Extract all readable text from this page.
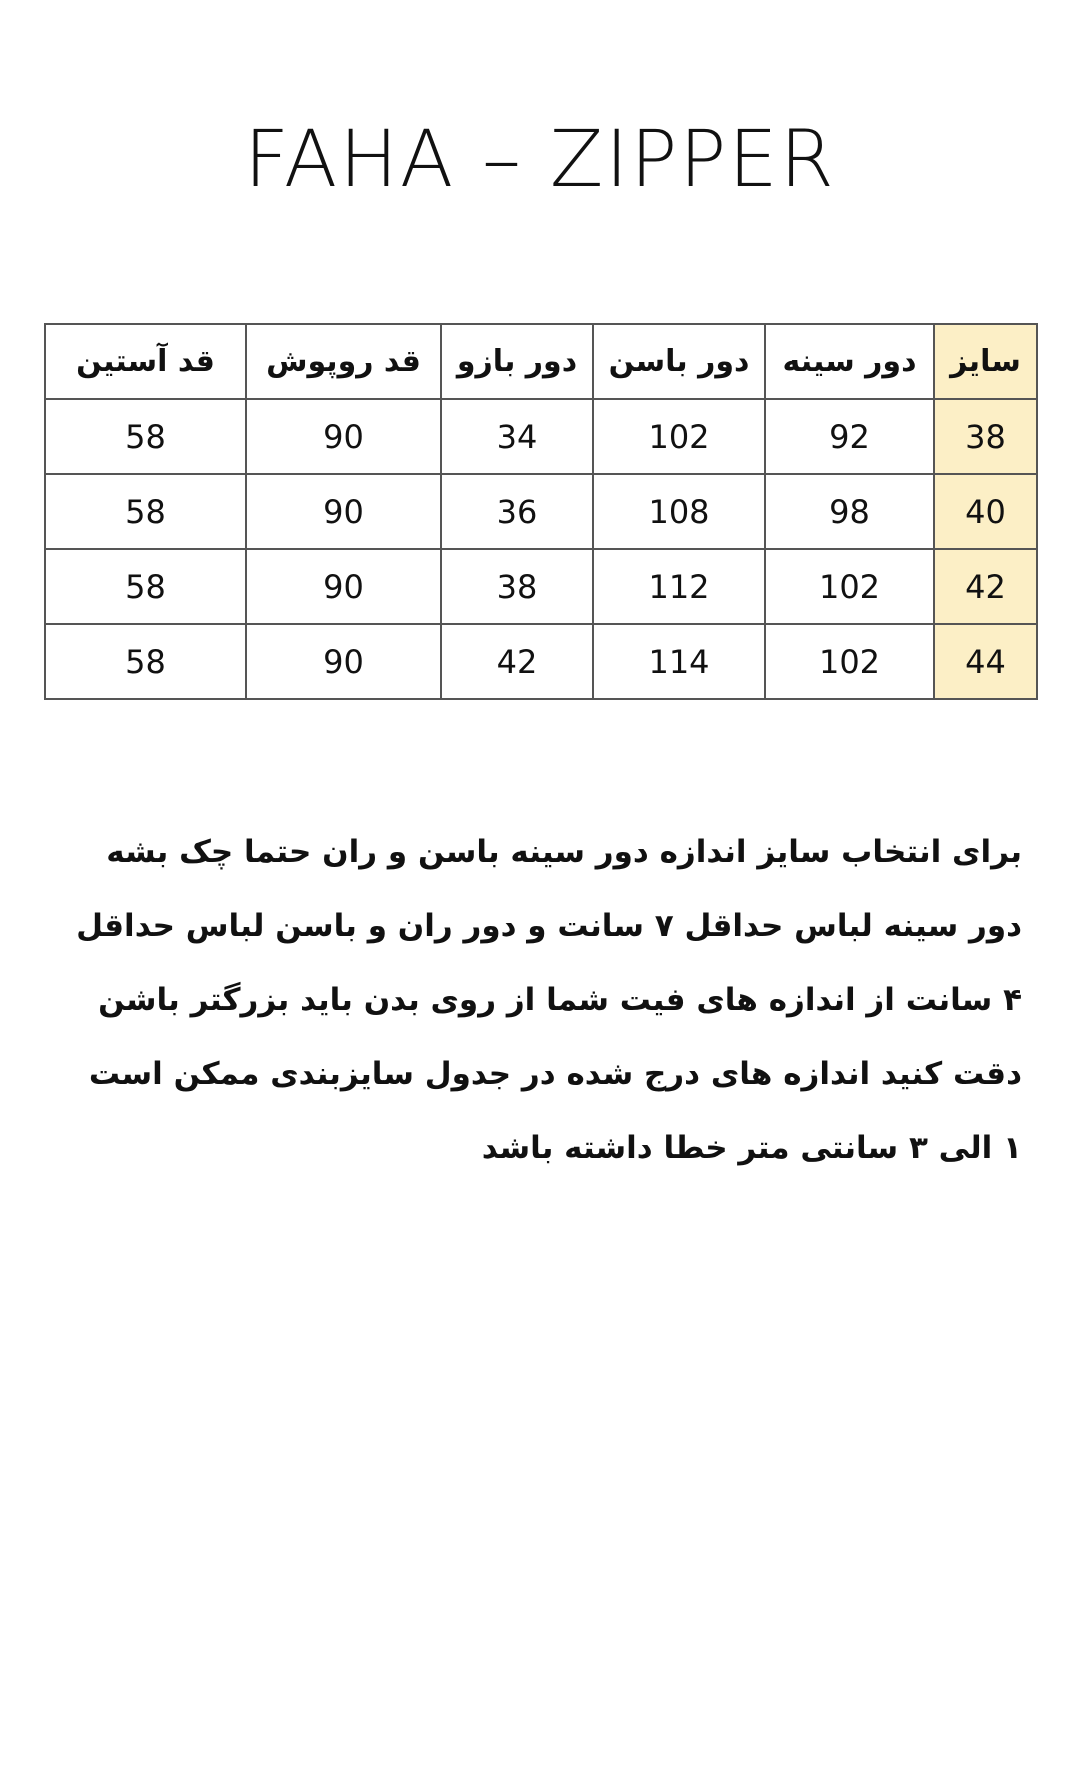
FAHA – ZIPPER
سایز	دور سینه	دور باسن	دور بازو	قد روپوش	قد آستین
38	92	102	34	90	58
40	98	108	36	90	58
42	102	112	38	90	58
44	102	114	42	90	58
برای انتخاب سایز اندازه دور سینه باسن و ران حتما چک بشه
دور سینه لباس حداقل ۷ سانت و دور ران و باسن لباس حداقل
۴ سانت از اندازه های فیت شما از روی بدن باید بزرگتر باشن
دقت کنید اندازه های درج شده در جدول سایزبندی ممکن است
۱ الی ۳ سانتی متر خطا داشته باشد
